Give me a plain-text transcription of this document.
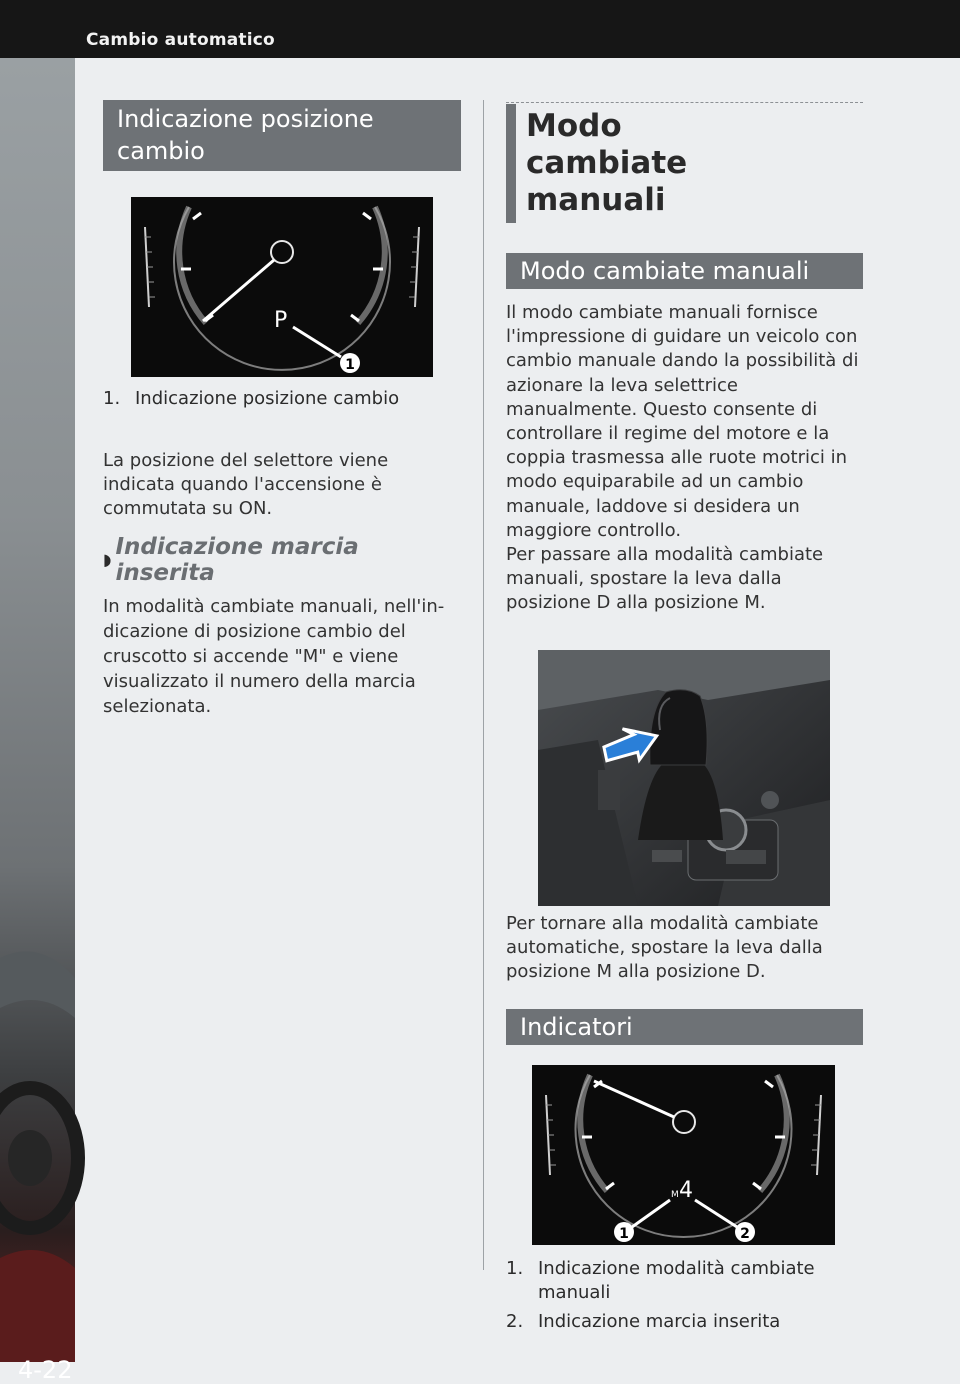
Cambio automatico
4-22
Indicazione posizione cambio
P
1
1. Indicazione posizione cambio
La posizione del selettore viene indicata quando l'accensione è commutata su ON.
◗ Indicazione marcia inserita
In modalità cambiate manuali, nell'indicazione di posizione cambio del cruscotto si accende "M" e viene visualizzato il numero della marcia selezionata.
Modo cambiate manuali
Modo cambiate manuali
Il modo cambiate manuali fornisce l'impressione di guidare un veicolo con cambio manuale dando la possibilità di azionare la leva selettrice manualmente. Questo consente di controllare il regime del motore e la coppia trasmessa alle ruote motrici in modo equiparabile ad un cambio manuale, laddove si desidera un maggiore controllo.
Per passare alla modalità cambiate manuali, spostare la leva dalla posizione D alla posizione M.
Per tornare alla modalità cambiate automatiche, spostare la leva dalla posizione M alla posizione D.
Indicatori
M 4
1	2
1. Indicazione modalità cambiate manuali
2. Indicazione marcia inserita
